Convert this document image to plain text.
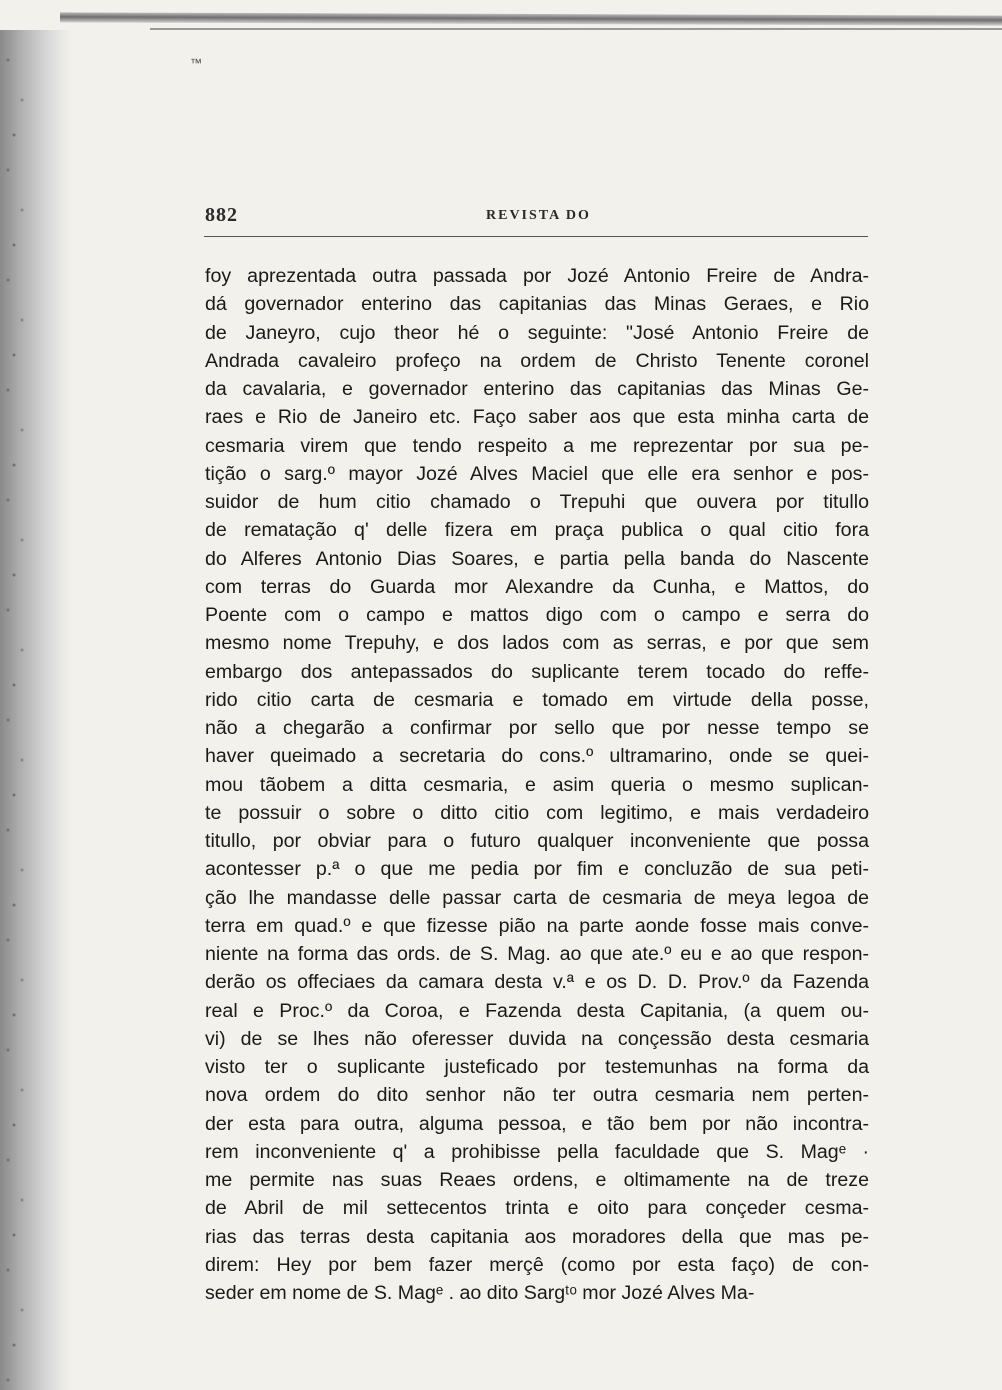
™
882	REVISTA DO
foy aprezentada outra passada por Jozé Antonio Freire de Andra-
dá governador enterino das capitanias das Minas Geraes, e Rio
de Janeyro, cujo theor hé o seguinte: "José Antonio Freire de
Andrada cavaleiro profeço na ordem de Christo Tenente coronel
da cavalaria, e governador enterino das capitanias das Minas Ge-
raes e Rio de Janeiro etc. Faço saber aos que esta minha carta de
cesmaria virem que tendo respeito a me reprezentar por sua pe-
tição o sarg.º mayor Jozé Alves Maciel que elle era senhor e pos-
suidor de hum citio chamado o Trepuhi que ouvera por titullo
de rematação q' delle fizera em praça publica o qual citio fora
do Alferes Antonio Dias Soares, e partia pella banda do Nascente
com terras do Guarda mor Alexandre da Cunha, e Mattos, do
Poente com o campo e mattos digo com o campo e serra do
mesmo nome Trepuhy, e dos lados com as serras, e por que sem
embargo dos antepassados do suplicante terem tocado do reffe-
rido citio carta de cesmaria e tomado em virtude della posse,
não a chegarão a confirmar por sello que por nesse tempo se
haver queimado a secretaria do cons.º ultramarino, onde se quei-
mou tãobem a ditta cesmaria, e asim queria o mesmo suplican-
te possuir o sobre o ditto citio com legitimo, e mais verdadeiro
titullo, por obviar para o futuro qualquer inconveniente que possa
acontesser p.ª o que me pedia por fim e concluzão de sua peti-
ção lhe mandasse delle passar carta de cesmaria de meya legoa de
terra em quad.º e que fizesse pião na parte aonde fosse mais conve-
niente na forma das ords. de S. Mag. ao que ate.º eu e ao que respon-
derão os offeciaes da camara desta v.ª e os D. D. Prov.º da Fazenda
real e Proc.º da Coroa, e Fazenda desta Capitania, (a quem ou-
vi) de se lhes não oferesser duvida na conçessão desta cesmaria
visto ter o suplicante justeficado por testemunhas na forma da
nova ordem do dito senhor não ter outra cesmaria nem perten-
der esta para outra, alguma pessoa, e tão bem por não incontra-
rem inconveniente q' a prohibisse pella faculdade que S. Magᵉ ·
me permite nas suas Reaes ordens, e oltimamente na de treze
de Abril de mil settecentos trinta e oito para conçeder cesma-
rias das terras desta capitania aos moradores della que mas pe-
direm: Hey por bem fazer merçê (como por esta faço) de con-
seder em nome de S. Magᵉ . ao dito Sargᵗᵒ mor Jozé Alves Ma-
